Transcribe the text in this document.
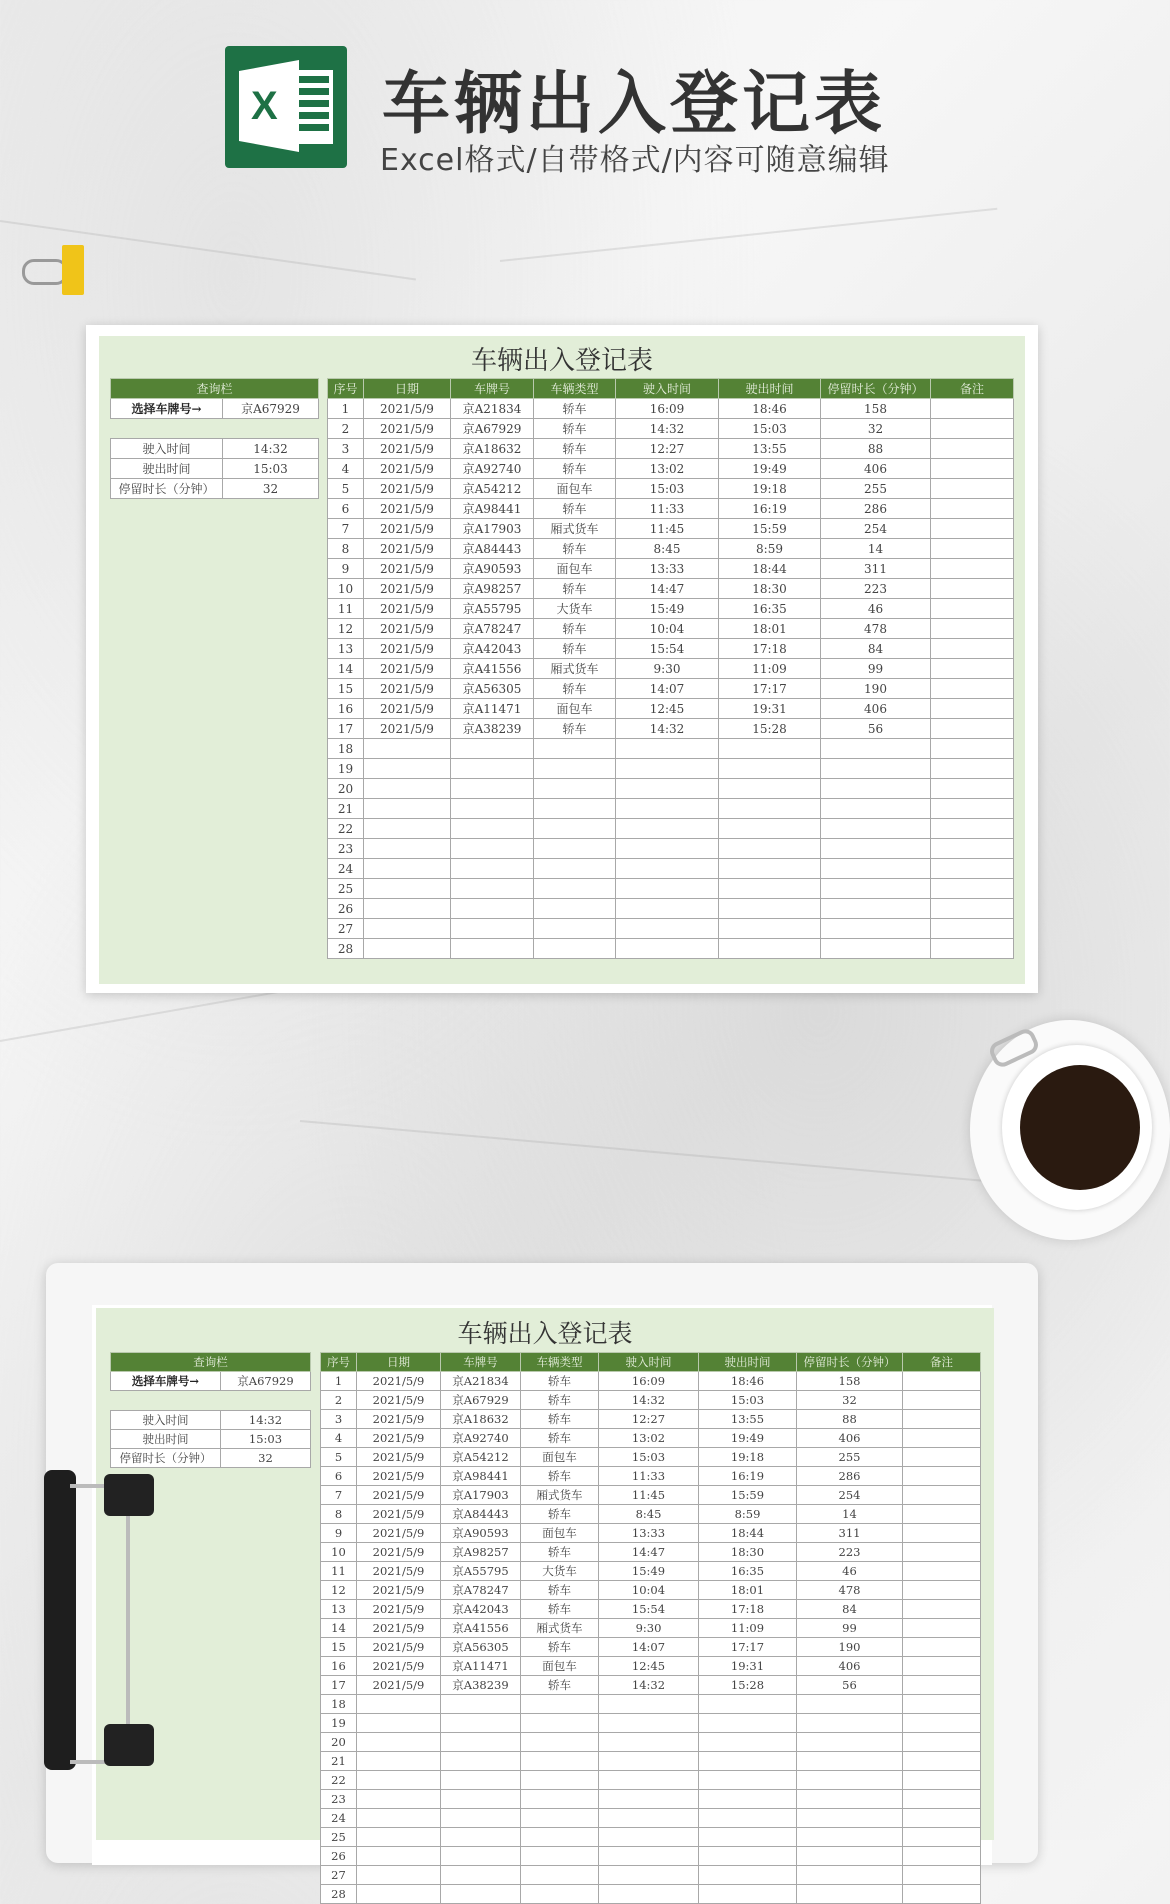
X 车辆出入登记表
Excel格式/自带格式/内容可随意编辑
车辆出入登记表
查询栏
选择车牌号→	京A67929
驶入时间	14:32
驶出时间	15:03
停留时长（分钟）	32
序号	日期	车牌号	车辆类型	驶入时间	驶出时间	停留时长（分钟）	备注
1	2021/5/9	京A21834	轿车	16:09	18:46	158	
2	2021/5/9	京A67929	轿车	14:32	15:03	32	
3	2021/5/9	京A18632	轿车	12:27	13:55	88	
4	2021/5/9	京A92740	轿车	13:02	19:49	406	
5	2021/5/9	京A54212	面包车	15:03	19:18	255	
6	2021/5/9	京A98441	轿车	11:33	16:19	286	
7	2021/5/9	京A17903	厢式货车	11:45	15:59	254	
8	2021/5/9	京A84443	轿车	8:45	8:59	14	
9	2021/5/9	京A90593	面包车	13:33	18:44	311	
10	2021/5/9	京A98257	轿车	14:47	18:30	223	
11	2021/5/9	京A55795	大货车	15:49	16:35	46	
12	2021/5/9	京A78247	轿车	10:04	18:01	478	
13	2021/5/9	京A42043	轿车	15:54	17:18	84	
14	2021/5/9	京A41556	厢式货车	9:30	11:09	99	
15	2021/5/9	京A56305	轿车	14:07	17:17	190	
16	2021/5/9	京A11471	面包车	12:45	19:31	406	
17	2021/5/9	京A38239	轿车	14:32	15:28	56	
18							
19							
20							
21							
22							
23							
24							
25							
26							
27							
28							
车辆出入登记表
查询栏
选择车牌号→	京A67929
驶入时间	14:32
驶出时间	15:03
停留时长（分钟）	32
序号	日期	车牌号	车辆类型	驶入时间	驶出时间	停留时长（分钟）	备注
1	2021/5/9	京A21834	轿车	16:09	18:46	158	
2	2021/5/9	京A67929	轿车	14:32	15:03	32	
3	2021/5/9	京A18632	轿车	12:27	13:55	88	
4	2021/5/9	京A92740	轿车	13:02	19:49	406	
5	2021/5/9	京A54212	面包车	15:03	19:18	255	
6	2021/5/9	京A98441	轿车	11:33	16:19	286	
7	2021/5/9	京A17903	厢式货车	11:45	15:59	254	
8	2021/5/9	京A84443	轿车	8:45	8:59	14	
9	2021/5/9	京A90593	面包车	13:33	18:44	311	
10	2021/5/9	京A98257	轿车	14:47	18:30	223	
11	2021/5/9	京A55795	大货车	15:49	16:35	46	
12	2021/5/9	京A78247	轿车	10:04	18:01	478	
13	2021/5/9	京A42043	轿车	15:54	17:18	84	
14	2021/5/9	京A41556	厢式货车	9:30	11:09	99	
15	2021/5/9	京A56305	轿车	14:07	17:17	190	
16	2021/5/9	京A11471	面包车	12:45	19:31	406	
17	2021/5/9	京A38239	轿车	14:32	15:28	56	
18							
19							
20							
21							
22							
23							
24							
25							
26							
27							
28							
